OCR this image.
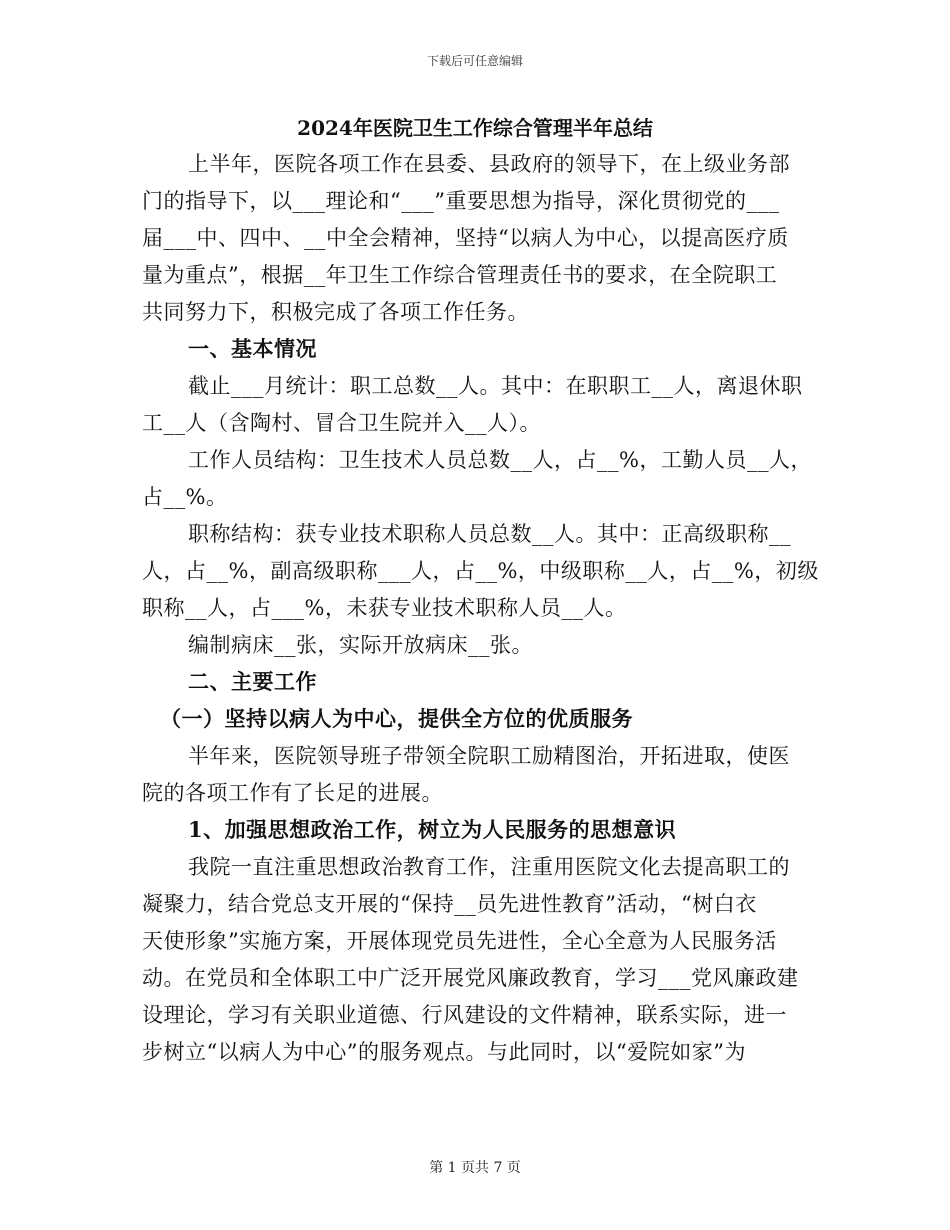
下载后可任意编辑
2024年医院卫生工作综合管理半年总结
上半年，医院各项工作在县委、县政府的领导下，在上级业务部
门的指导下，以___理论和“___”重要思想为指导，深化贯彻党的___
届___中、四中、__中全会精神，坚持“以病人为中心，以提高医疗质
量为重点”，根据__年卫生工作综合管理责任书的要求，在全院职工
共同努力下，积极完成了各项工作任务。
一、基本情况
截止___月统计：职工总数__人。其中：在职职工__人，离退休职
工__人（含陶村、冒合卫生院并入__人）。
工作人员结构：卫生技术人员总数__人，占__%，工勤人员__人，
占__%。
职称结构：获专业技术职称人员总数__人。其中：正高级职称__
人，占__%，副高级职称___人，占__%，中级职称__人，占__%，初级
职称__人，占___%，未获专业技术职称人员__人。
编制病床__张，实际开放病床__张。
二、主要工作
（一）坚持以病人为中心，提供全方位的优质服务
半年来，医院领导班子带领全院职工励精图治，开拓进取，使医
院的各项工作有了长足的进展。
1、加强思想政治工作，树立为人民服务的思想意识
我院一直注重思想政治教育工作，注重用医院文化去提高职工的
凝聚力，结合党总支开展的“保持__员先进性教育”活动，“树白衣
天使形象”实施方案，开展体现党员先进性，全心全意为人民服务活
动。在党员和全体职工中广泛开展党风廉政教育，学习___党风廉政建
设理论，学习有关职业道德、行风建设的文件精神，联系实际，进一
步树立“以病人为中心”的服务观点。与此同时，以“爱院如家”为
第 1 页共 7 页
